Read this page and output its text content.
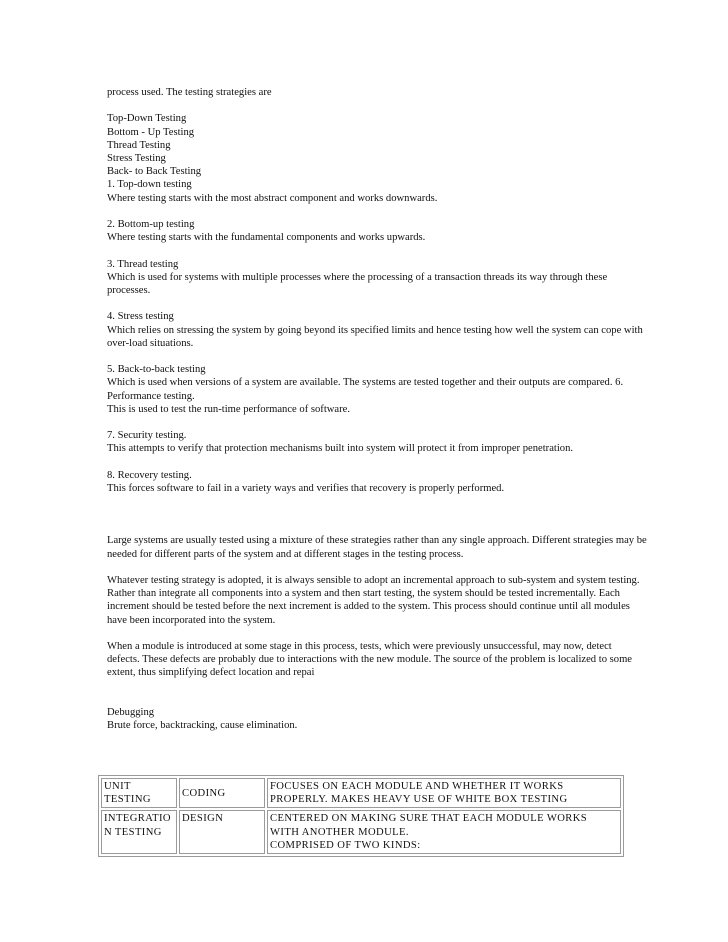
process used. The testing strategies are

Top-Down Testing
Bottom - Up Testing
Thread Testing
Stress Testing
Back- to Back Testing
1. Top-down testing
Where testing starts with the most abstract component and works downwards.

2. Bottom-up testing
Where testing starts with the fundamental components and works upwards.

3. Thread testing
Which is used for systems with multiple processes where the processing of a transaction threads its way through these processes.

4. Stress testing
Which relies on stressing the system by going beyond its specified limits and hence testing how well the system can cope with over-load situations.

5. Back-to-back testing
Which is used when versions of a system are available. The systems are tested together and their outputs are compared. 6. Performance testing.
This is used to test the run-time performance of software.

7. Security testing.
This attempts to verify that protection mechanisms built into system will protect it from improper penetration.

8. Recovery testing.
This forces software to fail in a variety ways and verifies that recovery is properly performed.

Large systems are usually tested using a mixture of these strategies rather than any single approach. Different strategies may be needed for different parts of the system and at different stages in the testing process.

Whatever testing strategy is adopted, it is always sensible to adopt an incremental approach to sub-system and system testing. Rather than integrate all components into a system and then start testing, the system should be tested incrementally. Each increment should be tested before the next increment is added to the system. This process should continue until all modules have been incorporated into the system.

When a module is introduced at some stage in this process, tests, which were previously unsuccessful, may now, detect defects. These defects are probably due to interactions with the new module. The source of the problem is localized to some extent, thus simplifying defect location and repai

Debugging
Brute force, backtracking, cause elimination.

UNIT TESTING	CODING	FOCUSES ON EACH MODULE AND WHETHER IT WORKS PROPERLY. MAKES HEAVY USE OF WHITE BOX TESTING

INTEGRATIO N TESTING	DESIGN	CENTERED ON MAKING SURE THAT EACH MODULE WORKS WITH ANOTHER MODULE.
COMPRISED OF TWO KINDS:
